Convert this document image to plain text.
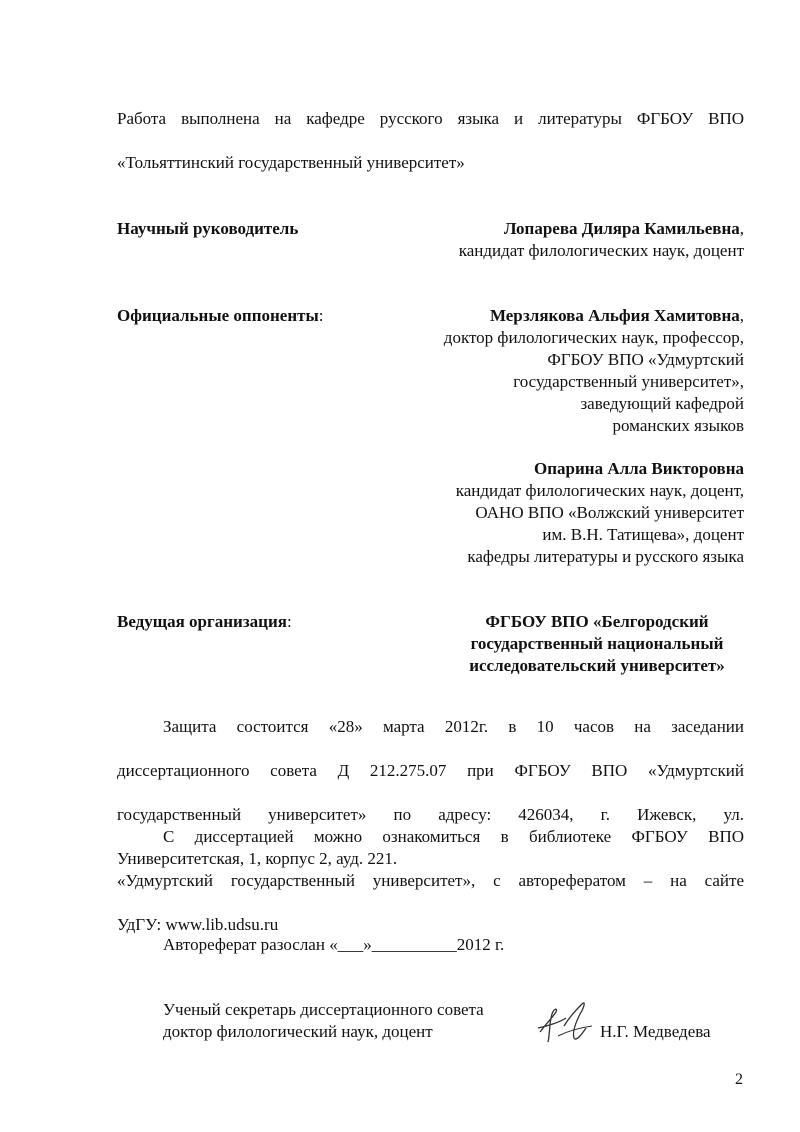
Работа выполнена на кафедре русского языка и литературы ФГБОУ ВПО
«Тольяттинский государственный университет»
Научный руководитель	Лопарева Диляра Камильевна,
кандидат филологических наук, доцент
Официальные оппоненты:	Мерзлякова Альфия Хамитовна,
доктор филологических наук, профессор,
ФГБОУ ВПО «Удмуртский
государственный университет»,
заведующий кафедрой
романских языков
Опарина Алла Викторовна
кандидат филологических наук, доцент,
ОАНО ВПО «Волжский университет
им. В.Н. Татищева», доцент
кафедры литературы и русского языка
Ведущая организация:	ФГБОУ ВПО «Белгородский
государственный национальный
исследовательский университет»
Защита состоится «28» марта 2012г. в 10 часов на заседании
диссертационного совета Д 212.275.07 при ФГБОУ ВПО «Удмуртский
государственный университет» по адресу: 426034, г. Ижевск, ул.
Университетская, 1, корпус 2, ауд. 221.
С диссертацией можно ознакомиться в библиотеке ФГБОУ ВПО
«Удмуртский государственный университет», с авторефератом – на сайте
УдГУ: www.lib.udsu.ru
Автореферат разослан «___»__________2012 г.
Ученый секретарь диссертационного совета
доктор филологический наук, доцент	Н.Г. Медведева
2
